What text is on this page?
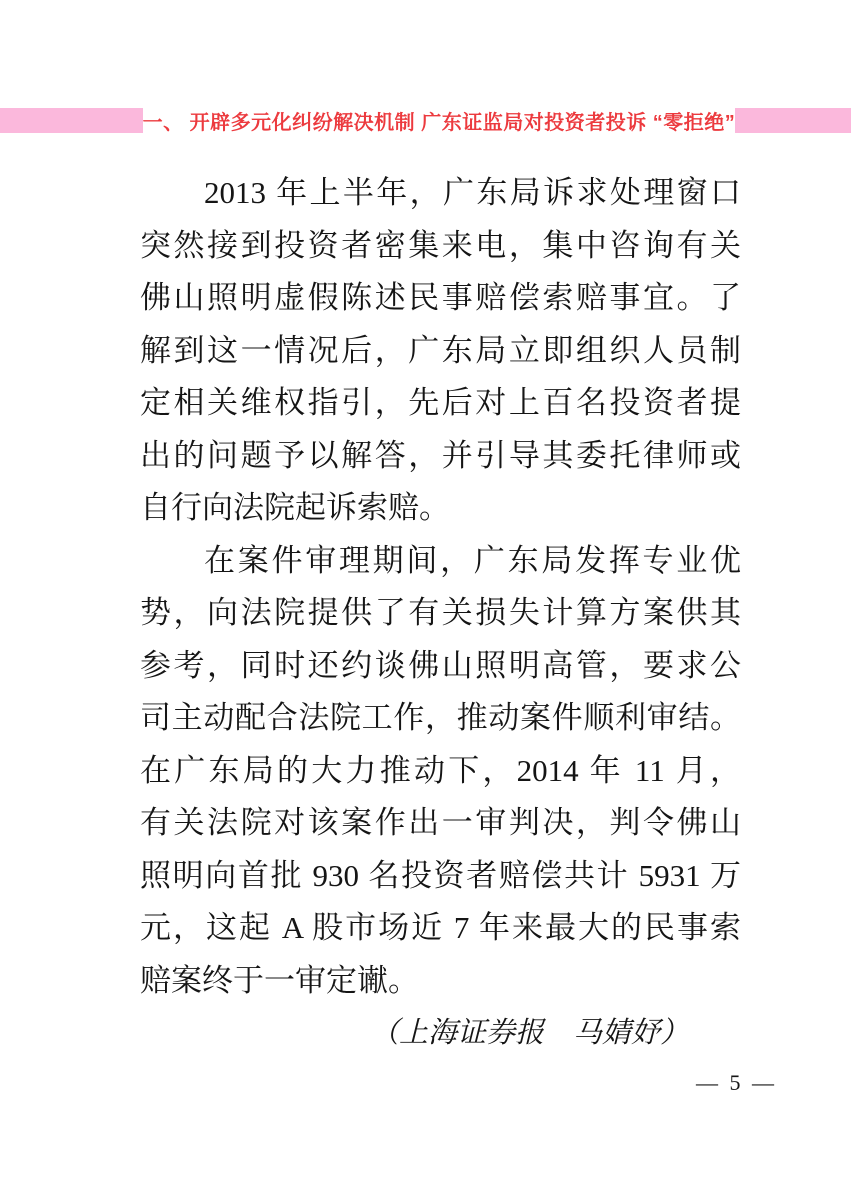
一、 开辟多元化纠纷解决机制 广东证监局对投资者投诉 “零拒绝”
2013 年上半年，广东局诉求处理窗口
突然接到投资者密集来电，集中咨询有关
佛山照明虚假陈述民事赔偿索赔事宜。了
解到这一情况后，广东局立即组织人员制
定相关维权指引，先后对上百名投资者提
出的问题予以解答，并引导其委托律师或
自行向法院起诉索赔。
在案件审理期间，广东局发挥专业优
势，向法院提供了有关损失计算方案供其
参考，同时还约谈佛山照明高管，要求公
司主动配合法院工作，推动案件顺利审结。
在广东局的大力推动下，2014 年 11 月，
有关法院对该案作出一审判决，判令佛山
照明向首批 930 名投资者赔偿共计 5931 万
元，这起 A 股市场近 7 年来最大的民事索
赔案终于一审定谳。
（上海证券报　马婧妤）
— 5 —
